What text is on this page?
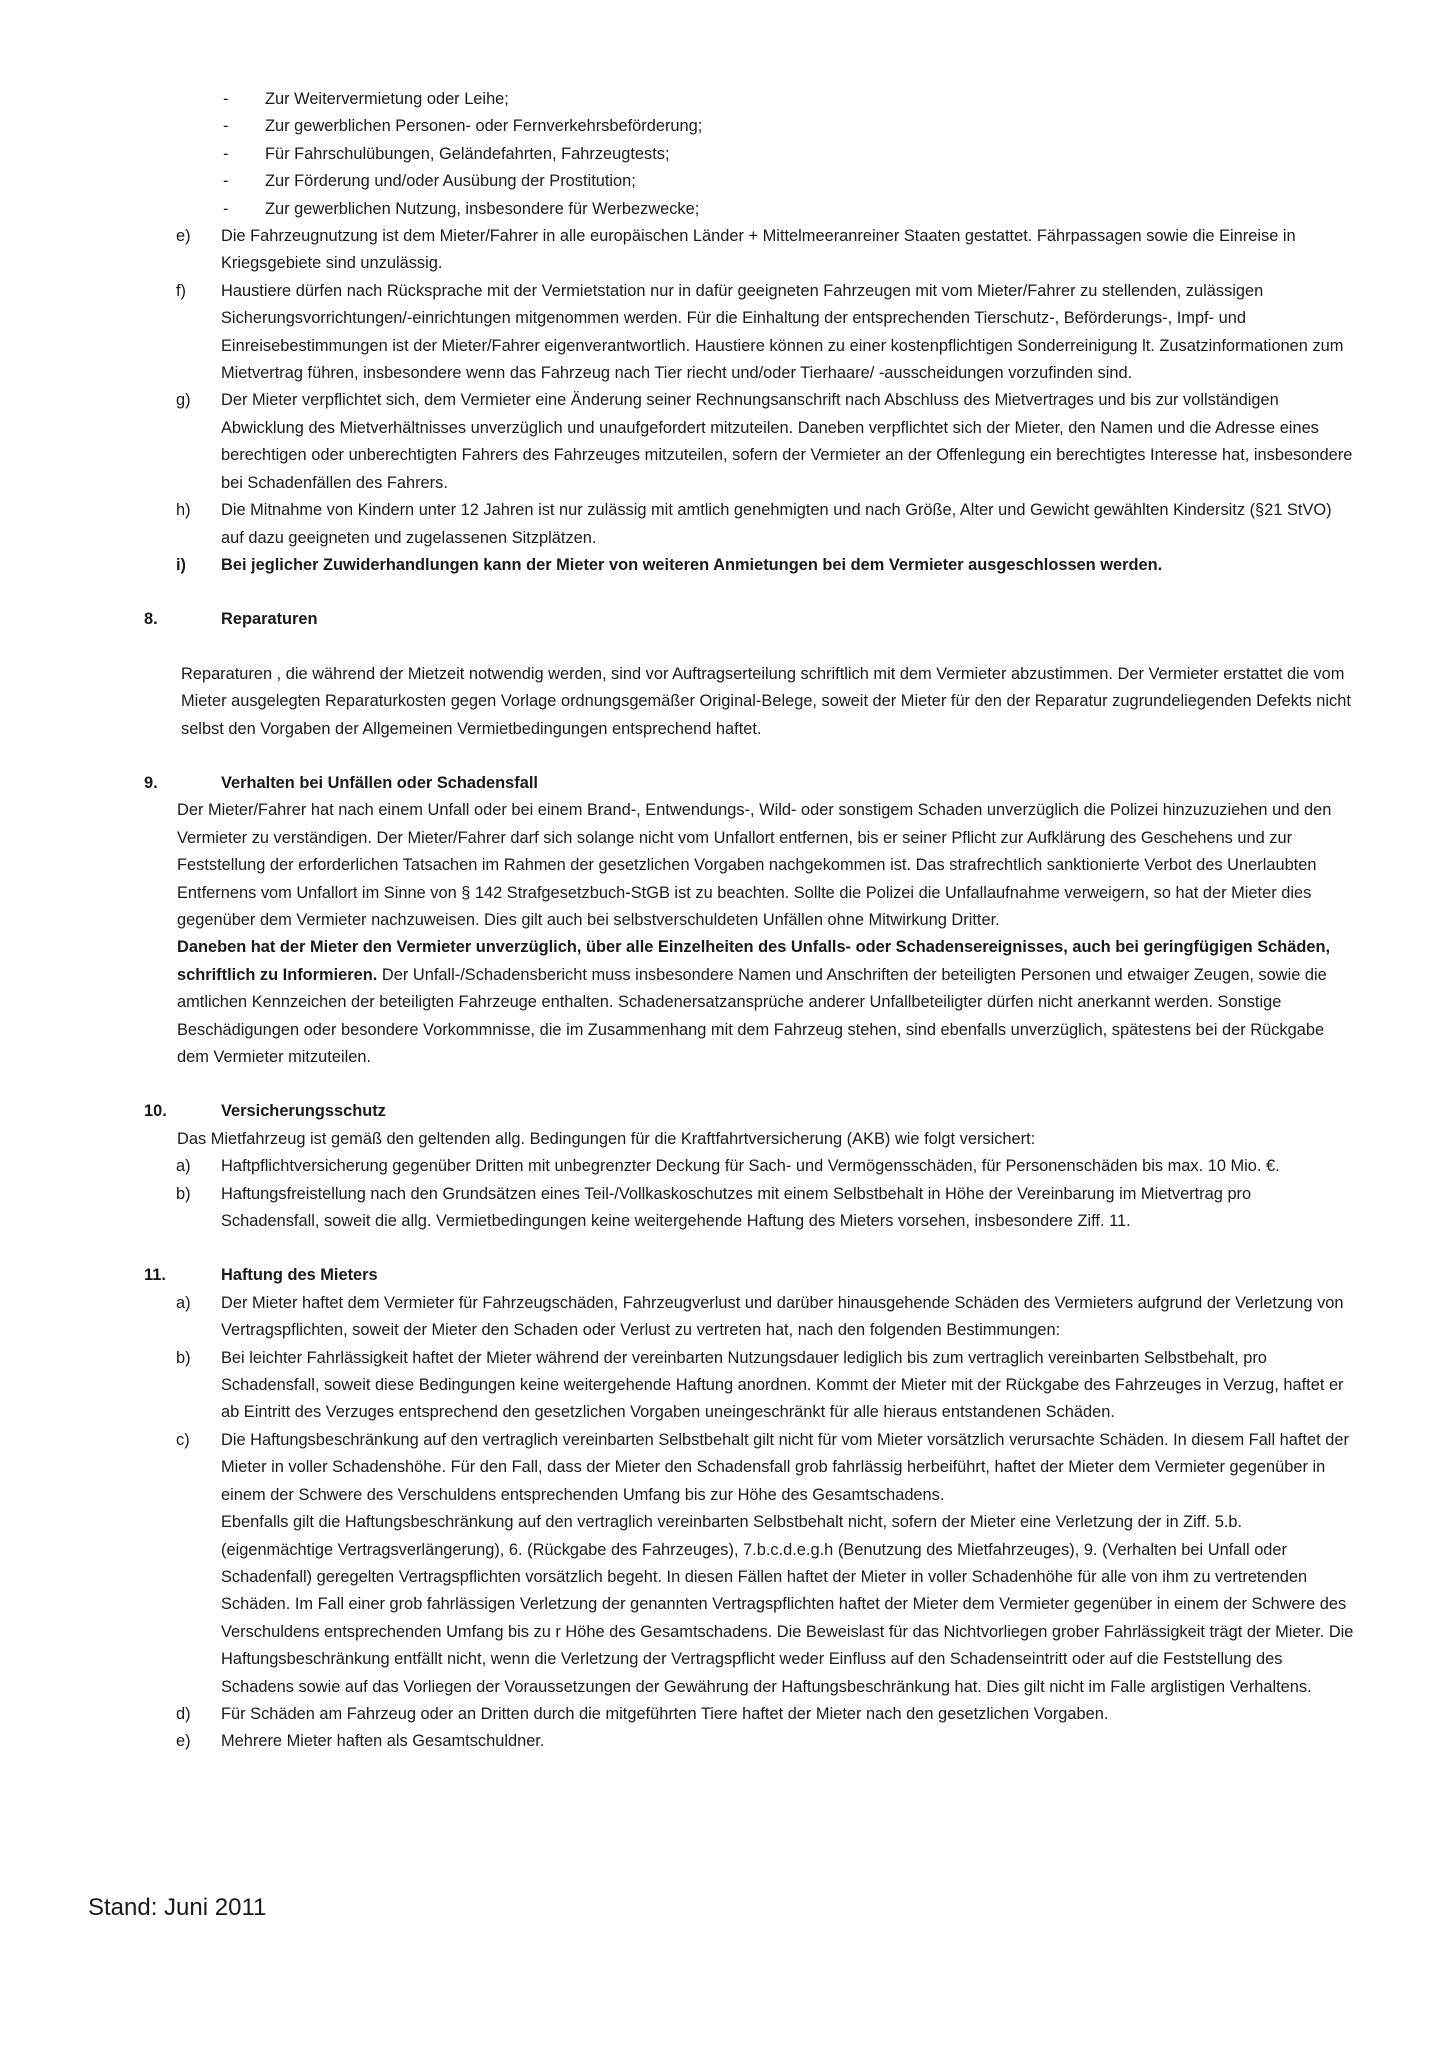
- Zur Weitervermietung oder Leihe;
- Zur gewerblichen Personen- oder Fernverkehrsbeförderung;
- Für Fahrschulübungen, Geländefahrten, Fahrzeugtests;
- Zur Förderung und/oder Ausübung der Prostitution;
- Zur gewerblichen Nutzung, insbesondere für Werbezwecke;
e) Die Fahrzeugnutzung ist dem Mieter/Fahrer in alle europäischen Länder + Mittelmeeranreiner Staaten gestattet. Fährpassagen sowie die Einreise in Kriegsgebiete sind unzulässig.
f) Haustiere dürfen nach Rücksprache mit der Vermietstation nur in dafür geeigneten Fahrzeugen mit vom Mieter/Fahrer zu stellenden, zulässigen Sicherungsvorrichtungen/-einrichtungen mitgenommen werden. Für die Einhaltung der entsprechenden Tierschutz-, Beförderungs-, Impf- und Einreisebestimmungen ist der Mieter/Fahrer eigenverantwortlich. Haustiere können zu einer kostenpflichtigen Sonderreinigung lt. Zusatzinformationen zum Mietvertrag führen, insbesondere wenn das Fahrzeug nach Tier riecht und/oder Tierhaare/ -ausscheidungen vorzufinden sind.
g) Der Mieter verpflichtet sich, dem Vermieter eine Änderung seiner Rechnungsanschrift nach Abschluss des Mietvertrages und bis zur vollständigen Abwicklung des Mietverhältnisses unverzüglich und unaufgefordert mitzuteilen. Daneben verpflichtet sich der Mieter, den Namen und die Adresse eines berechtigen oder unberechtigten Fahrers des Fahrzeuges mitzuteilen, sofern der Vermieter an der Offenlegung ein berechtigtes Interesse hat, insbesondere bei Schadenfällen des Fahrers.
h) Die Mitnahme von Kindern unter 12 Jahren ist nur zulässig mit amtlich genehmigten und nach Größe, Alter und Gewicht gewählten Kindersitz (§21 StVO) auf dazu geeigneten und zugelassenen Sitzplätzen.
i) Bei jeglicher Zuwiderhandlungen kann der Mieter von weiteren Anmietungen bei dem Vermieter ausgeschlossen werden.
8.	Reparaturen
Reparaturen , die während der Mietzeit notwendig werden, sind vor Auftragserteilung schriftlich mit dem Vermieter abzustimmen. Der Vermieter erstattet die vom Mieter ausgelegten Reparaturkosten gegen Vorlage ordnungsgemäßer Original-Belege, soweit der Mieter für den der Reparatur zugrundeliegenden Defekts nicht selbst den Vorgaben der Allgemeinen Vermietbedingungen entsprechend haftet.
9.	Verhalten bei Unfällen oder Schadensfall
Der Mieter/Fahrer hat nach einem Unfall oder bei einem Brand-, Entwendungs-, Wild- oder sonstigem Schaden unverzüglich die Polizei hinzuzuziehen und den Vermieter zu verständigen. Der Mieter/Fahrer darf sich solange nicht vom Unfallort entfernen, bis er seiner Pflicht zur Aufklärung des Geschehens und zur Feststellung der erforderlichen Tatsachen im Rahmen der gesetzlichen Vorgaben nachgekommen ist. Das strafrechtlich sanktionierte Verbot des Unerlaubten Entfernens vom Unfallort im Sinne von § 142 Strafgesetzbuch-StGB ist zu beachten. Sollte die Polizei die Unfallaufnahme verweigern, so hat der Mieter dies gegenüber dem Vermieter nachzuweisen. Dies gilt auch bei selbstverschuldeten Unfällen ohne Mitwirkung Dritter.
Daneben hat der Mieter den Vermieter unverzüglich, über alle Einzelheiten des Unfalls- oder Schadensereignisses, auch bei geringfügigen Schäden, schriftlich zu Informieren. Der Unfall-/Schadensbericht muss insbesondere Namen und Anschriften der beteiligten Personen und etwaiger Zeugen, sowie die amtlichen Kennzeichen der beteiligten Fahrzeuge enthalten. Schadenersatzansprüche anderer Unfallbeteiligter dürfen nicht anerkannt werden. Sonstige Beschädigungen oder besondere Vorkommnisse, die im Zusammenhang mit dem Fahrzeug stehen, sind ebenfalls unverzüglich, spätestens bei der Rückgabe dem Vermieter mitzuteilen.
10.	Versicherungsschutz
Das Mietfahrzeug ist gemäß den geltenden allg. Bedingungen für die Kraftfahrtversicherung (AKB) wie folgt versichert:
a) Haftpflichtversicherung gegenüber Dritten mit unbegrenzter Deckung für Sach- und Vermögensschäden, für Personenschäden bis max. 10 Mio. €.
b) Haftungsfreistellung nach den Grundsätzen eines Teil-/Vollkaskoschutzes mit einem Selbstbehalt in Höhe der Vereinbarung im Mietvertrag pro Schadensfall, soweit die allg. Vermietbedingungen keine weitergehende Haftung des Mieters vorsehen, insbesondere Ziff. 11.
11.	Haftung des Mieters
a) Der Mieter haftet dem Vermieter für Fahrzeugschäden, Fahrzeugverlust und darüber hinausgehende Schäden des Vermieters aufgrund der Verletzung von Vertragspflichten, soweit der Mieter den Schaden oder Verlust zu vertreten hat, nach den folgenden Bestimmungen:
b) Bei leichter Fahrlässigkeit haftet der Mieter während der vereinbarten Nutzungsdauer lediglich bis zum vertraglich vereinbarten Selbstbehalt, pro Schadensfall, soweit diese Bedingungen keine weitergehende Haftung anordnen. Kommt der Mieter mit der Rückgabe des Fahrzeuges in Verzug, haftet er ab Eintritt des Verzuges entsprechend den gesetzlichen Vorgaben uneingeschränkt für alle hieraus entstandenen Schäden.
c) Die Haftungsbeschränkung auf den vertraglich vereinbarten Selbstbehalt gilt nicht für vom Mieter vorsätzlich verursachte Schäden. In diesem Fall haftet der Mieter in voller Schadenshöhe. Für den Fall, dass der Mieter den Schadensfall grob fahrlässig herbeiführt, haftet der Mieter dem Vermieter gegenüber in einem der Schwere des Verschuldens entsprechenden Umfang bis zur Höhe des Gesamtschadens.
Ebenfalls gilt die Haftungsbeschränkung auf den vertraglich vereinbarten Selbstbehalt nicht, sofern der Mieter eine Verletzung der in Ziff. 5.b. (eigenmächtige Vertragsverlängerung), 6. (Rückgabe des Fahrzeuges), 7.b.c.d.e.g.h (Benutzung des Mietfahrzeuges), 9. (Verhalten bei Unfall oder Schadenfall) geregelten Vertragspflichten vorsätzlich begeht. In diesen Fällen haftet der Mieter in voller Schadenhöhe für alle von ihm zu vertretenden Schäden. Im Fall einer grob fahrlässigen Verletzung der genannten Vertragspflichten haftet der Mieter dem Vermieter gegenüber in einem der Schwere des Verschuldens entsprechenden Umfang bis zu r Höhe des Gesamtschadens. Die Beweislast für das Nichtvorliegen grober Fahrlässigkeit trägt der Mieter. Die Haftungsbeschränkung entfällt nicht, wenn die Verletzung der Vertragspflicht weder Einfluss auf den Schadenseintritt oder auf die Feststellung des Schadens sowie auf das Vorliegen der Voraussetzungen der Gewährung der Haftungsbeschränkung hat. Dies gilt nicht im Falle arglistigen Verhaltens.
d) Für Schäden am Fahrzeug oder an Dritten durch die mitgeführten Tiere haftet der Mieter nach den gesetzlichen Vorgaben.
e) Mehrere Mieter haften als Gesamtschuldner.
Stand: Juni 2011
